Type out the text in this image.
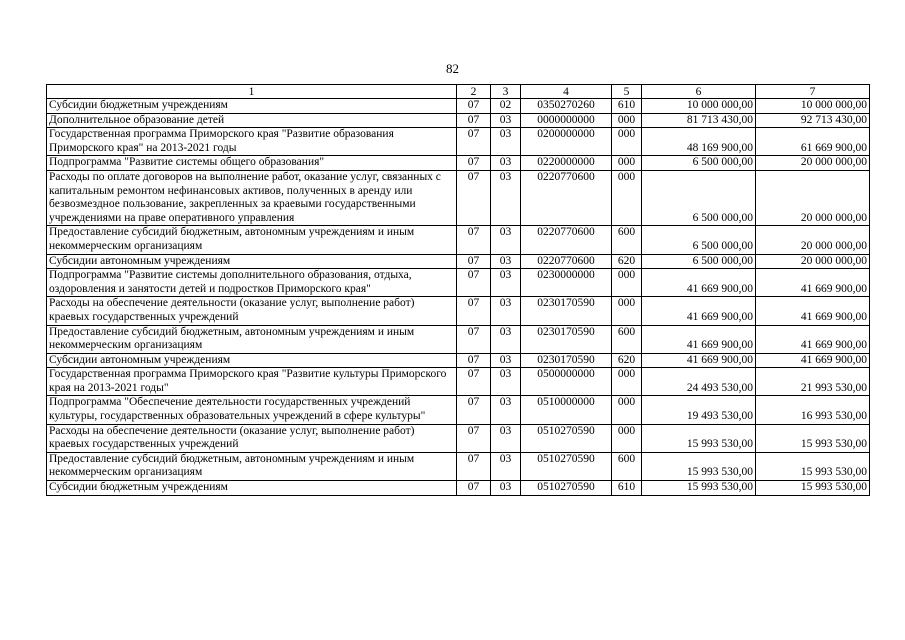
82
1	2	3	4	5	6	7
Субсидии бюджетным учреждениям	07	02	0350270260	610	10 000 000,00	10 000 000,00
Дополнительное образование детей	07	03	0000000000	000	81 713 430,00	92 713 430,00
Государственная программа Приморского края "Развитие образования Приморского края" на 2013-2021 годы	07	03	0200000000	000	48 169 900,00	61 669 900,00
Подпрограмма "Развитие системы общего образования"	07	03	0220000000	000	6 500 000,00	20 000 000,00
Расходы по оплате договоров на выполнение работ, оказание услуг, связанных с капитальным ремонтом нефинансовых активов, полученных в аренду или безвозмездное пользование, закрепленных за краевыми государственными учреждениями на праве оперативного управления	07	03	0220770600	000	6 500 000,00	20 000 000,00
Предоставление субсидий бюджетным, автономным учреждениям и иным некоммерческим организациям	07	03	0220770600	600	6 500 000,00	20 000 000,00
Субсидии автономным учреждениям	07	03	0220770600	620	6 500 000,00	20 000 000,00
Подпрограмма "Развитие системы дополнительного образования, отдыха, оздоровления и занятости детей и подростков Приморского края"	07	03	0230000000	000	41 669 900,00	41 669 900,00
Расходы на обеспечение деятельности (оказание услуг, выполнение работ) краевых государственных учреждений	07	03	0230170590	000	41 669 900,00	41 669 900,00
Предоставление субсидий бюджетным, автономным учреждениям и иным некоммерческим организациям	07	03	0230170590	600	41 669 900,00	41 669 900,00
Субсидии автономным учреждениям	07	03	0230170590	620	41 669 900,00	41 669 900,00
Государственная программа Приморского края "Развитие культуры Приморского края на 2013-2021 годы"	07	03	0500000000	000	24 493 530,00	21 993 530,00
Подпрограмма "Обеспечение деятельности государственных учреждений культуры, государственных образовательных учреждений в сфере культуры"	07	03	0510000000	000	19 493 530,00	16 993 530,00
Расходы на обеспечение деятельности (оказание услуг, выполнение работ) краевых государственных учреждений	07	03	0510270590	000	15 993 530,00	15 993 530,00
Предоставление субсидий бюджетным, автономным учреждениям и иным некоммерческим организациям	07	03	0510270590	600	15 993 530,00	15 993 530,00
Субсидии бюджетным учреждениям	07	03	0510270590	610	15 993 530,00	15 993 530,00
